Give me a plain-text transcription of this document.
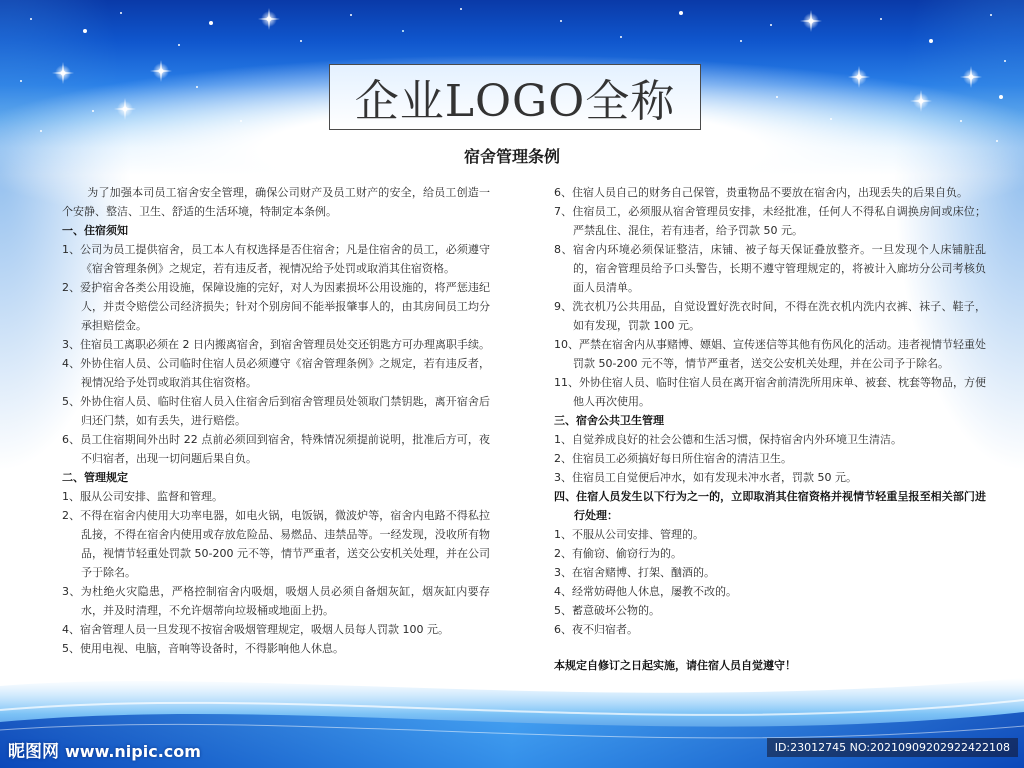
企业LOGO全称
宿舍管理条例

为了加强本司员工宿舍安全管理，确保公司财产及员工财产的安全，给员工创造一个安静、整洁、卫生、舒适的生活环境，特制定本条例。

一、住宿须知
1、公司为员工提供宿舍，员工本人有权选择是否住宿舍；凡是住宿舍的员工，必须遵守《宿舍管理条例》之规定，若有违反者，视情况给予处罚或取消其住宿资格。
2、爱护宿舍各类公用设施，保障设施的完好，对人为因素损坏公用设施的，将严惩违纪人，并责令赔偿公司经济损失；针对个别房间不能举报肇事人的，由其房间员工均分承担赔偿金。
3、住宿员工离职必须在 2 日内搬离宿舍，到宿舍管理员处交还钥匙方可办理离职手续。
4、外协住宿人员、公司临时住宿人员必须遵守《宿舍管理条例》之规定，若有违反者，视情况给予处罚或取消其住宿资格。
5、外协住宿人员、临时住宿人员入住宿舍后到宿舍管理员处领取门禁钥匙，离开宿舍后归还门禁，如有丢失，进行赔偿。
6、员工住宿期间外出时 22 点前必须回到宿舍，特殊情况须提前说明，批准后方可，夜不归宿者，出现一切问题后果自负。
二、管理规定
1、服从公司安排、监督和管理。
2、不得在宿舍内使用大功率电器，如电火锅，电饭锅，微波炉等，宿舍内电路不得私拉乱接，不得在宿舍内使用或存放危险品、易燃品、违禁品等。一经发现，没收所有物品，视情节轻重处罚款 50-200 元不等，情节严重者，送交公安机关处理，并在公司予于除名。
3、为杜绝火灾隐患，严格控制宿舍内吸烟，吸烟人员必须自备烟灰缸，烟灰缸内要存水，并及时清理，不允许烟蒂向垃圾桶或地面上扔。
4、宿舍管理人员一旦发现不按宿舍吸烟管理规定，吸烟人员每人罚款 100 元。
5、使用电视、电脑，音响等设备时，不得影响他人休息。
6、住宿人员自己的财务自己保管，贵重物品不要放在宿舍内，出现丢失的后果自负。
7、住宿员工，必须服从宿舍管理员安排，未经批准，任何人不得私自调换房间或床位；严禁乱住、混住，若有违者，给予罚款 50 元。
8、宿舍内环境必须保证整洁，床铺、被子每天保证叠放整齐。一旦发现个人床铺脏乱的，宿舍管理员给予口头警告，长期不遵守管理规定的，将被计入廊坊分公司考核负面人员清单。
9、洗衣机乃公共用品，自觉设置好洗衣时间，不得在洗衣机内洗内衣裤、袜子、鞋子，如有发现，罚款 100 元。
10、严禁在宿舍内从事赌博、嫖娼、宣传迷信等其他有伤风化的活动。违者视情节轻重处罚款 50-200 元不等，情节严重者，送交公安机关处理，并在公司予于除名。
11、外协住宿人员、临时住宿人员在离开宿舍前清洗所用床单、被套、枕套等物品，方便他人再次使用。
三、宿舍公共卫生管理
1、自觉养成良好的社会公德和生活习惯，保持宿舍内外环境卫生清洁。
2、住宿员工必须搞好每日所住宿舍的清洁卫生。
3、住宿员工自觉便后冲水，如有发现未冲水者，罚款 50 元。
四、住宿人员发生以下行为之一的，立即取消其住宿资格并视情节轻重呈报至相关部门进行处理：
1、不服从公司安排、管理的。
2、有偷窃、偷窃行为的。
3、在宿舍赌博、打架、酗酒的。
4、经常妨碍他人休息，屡教不改的。
5、蓄意破坏公物的。
6、夜不归宿者。
本规定自修订之日起实施，请住宿人员自觉遵守！
昵图网 www.nipic.com	ID:23012745 NO:20210909202922422108
